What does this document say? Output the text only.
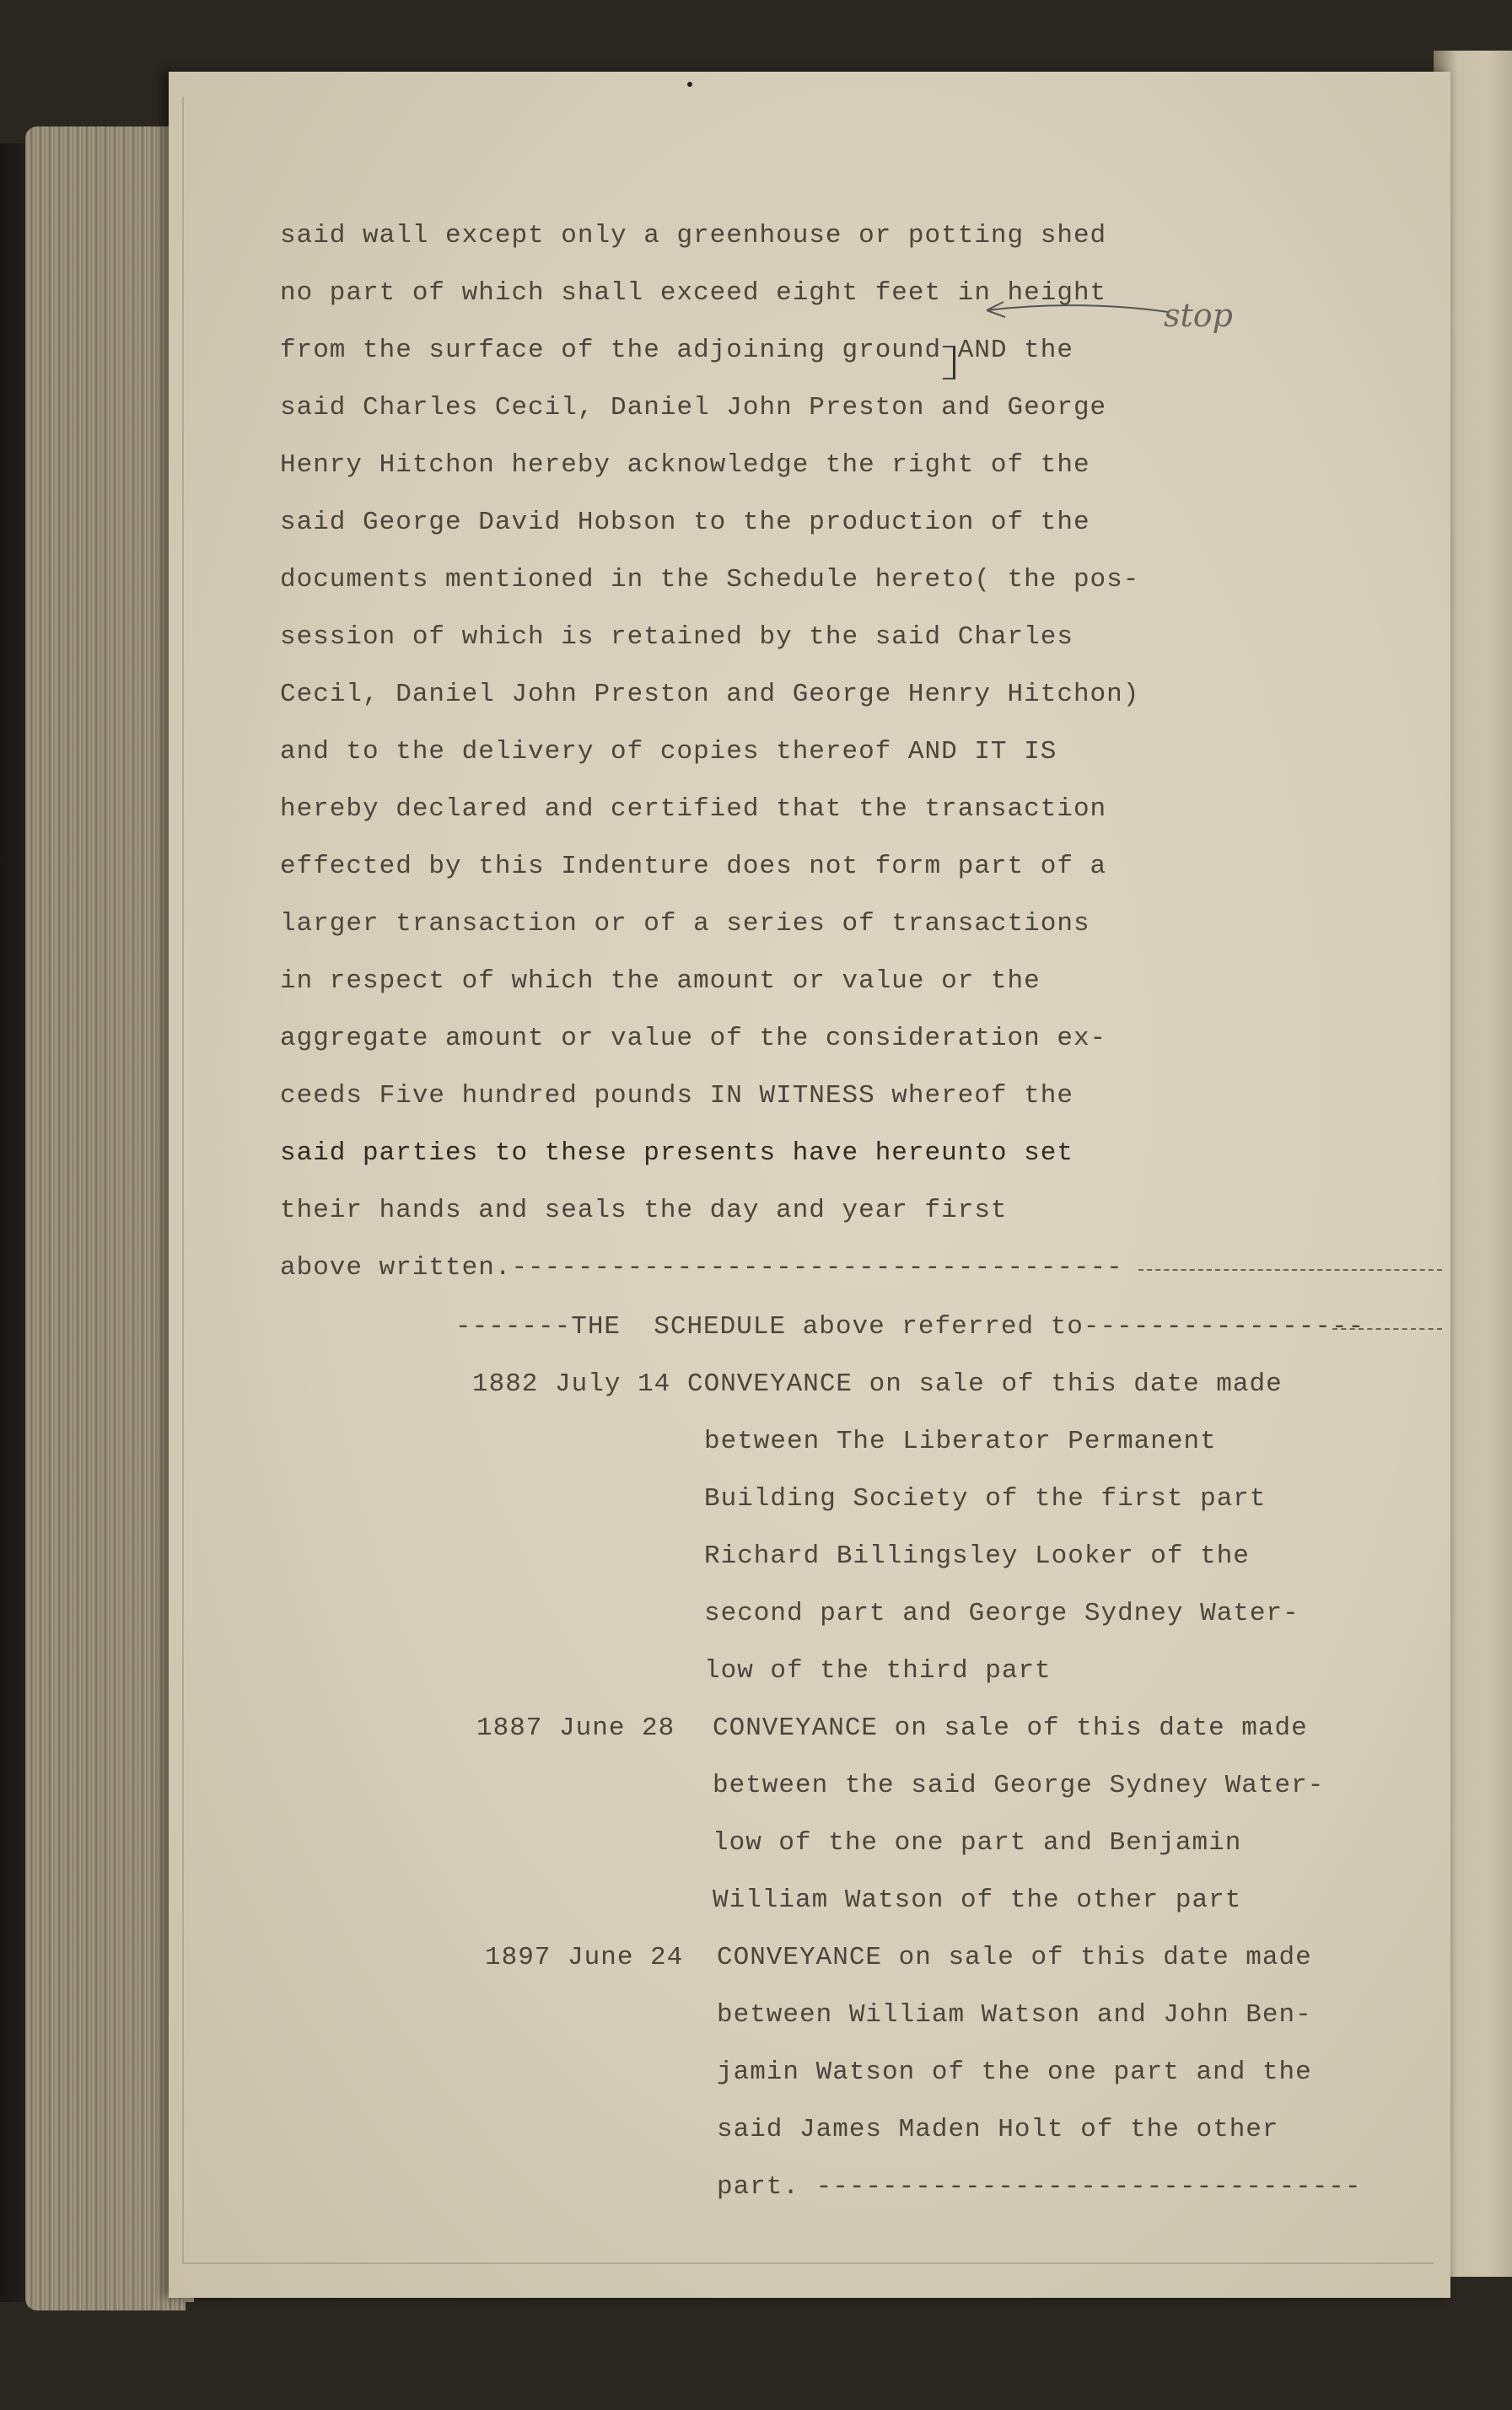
said wall except only a greenhouse or potting shed
no part of which shall exceed eight feet in height
from the surface of the adjoining ground AND the
said Charles Cecil, Daniel John Preston and George
Henry Hitchon hereby acknowledge the right of the
said George David Hobson to the production of the
documents mentioned in the Schedule hereto( the pos-
session of which is retained by the said Charles
Cecil, Daniel John Preston and George Henry Hitchon)
and to the delivery of copies thereof AND IT IS
hereby declared and certified that the transaction
effected by this Indenture does not form part of a
larger transaction or of a series of transactions
in respect of which the amount or value or the
aggregate amount or value of the consideration ex-
ceeds Five hundred pounds IN WITNESS whereof the
said parties to these presents have hereunto set
their hands and seals the day and year first
above written.-------------------------------------
stop
-------THE  SCHEDULE above referred to-----------------
1882 July 14 CONVEYANCE on sale of this date made
between The Liberator Permanent
Building Society of the first part
Richard Billingsley Looker of the
second part and George Sydney Water-
low of the third part
1887 June 28 CONVEYANCE on sale of this date made
between the said George Sydney Water-
low of the one part and Benjamin
William Watson of the other part
1897 June 24 CONVEYANCE on sale of this date made
between William Watson and John Ben-
jamin Watson of the one part and the
said James Maden Holt of the other
part. ---------------------------------
